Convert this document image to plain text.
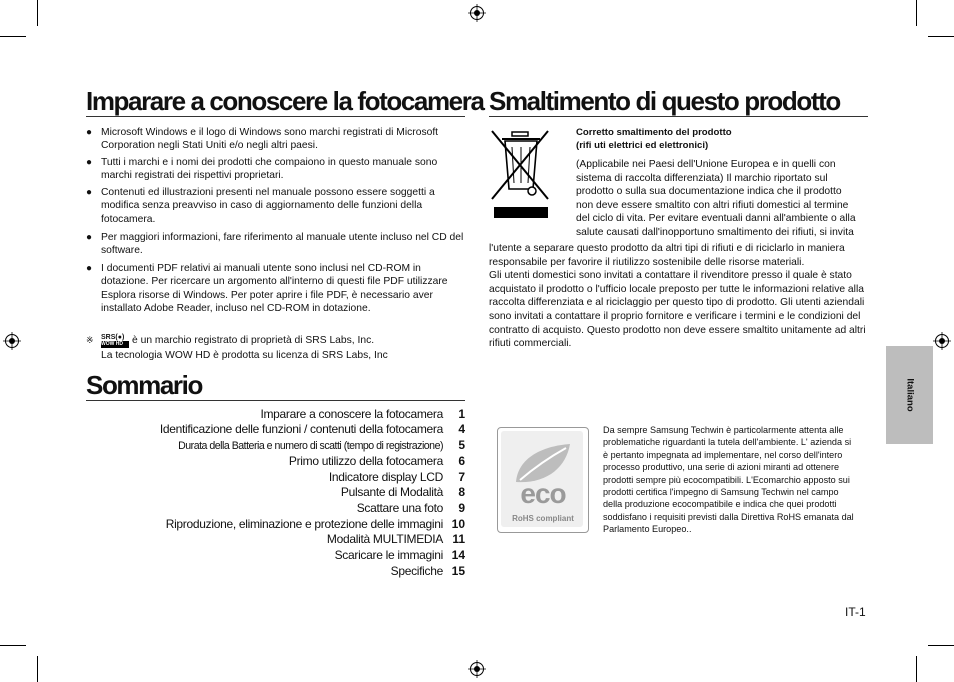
Imparare a conoscere la fotocamera
● Microsoft Windows e il logo di Windows sono marchi registrati di Microsoft Corporation negli Stati Uniti e/o negli altri paesi.
● Tutti i marchi e i nomi dei prodotti che compaiono in questo manuale sono marchi registrati dei rispettivi proprietari.
● Contenuti ed illustrazioni presenti nel manuale possono essere soggetti a modifica senza preavviso in caso di aggiornamento delle funzioni della fotocamera.
● Per maggiori informazioni, fare riferimento al manuale utente incluso nel CD del software.
● I documenti PDF relativi ai manuali utente sono inclusi nel CD-ROM in dotazione. Per ricercare un argomento all'interno di questi file PDF utilizzare Esplora risorse di Windows. Per poter aprire i file PDF, è necessario aver installato Adobe Reader, incluso nel CD-ROM in dotazione.
※ SRS(●)
WOW HD è un marchio registrato di proprietà di SRS Labs, Inc.
La tecnologia WOW HD è prodotta su licenza di SRS Labs, Inc
Sommario
Imparare a conoscere la fotocamera 1
Identificazione delle funzioni / contenuti della fotocamera 4
Durata della Batteria e numero di scatti (tempo di registrazione) 5
Primo utilizzo della fotocamera 6
Indicatore display LCD 7
Pulsante di Modalità 8
Scattare una foto 9
Riproduzione, eliminazione e protezione delle immagini 10
Modalità MULTIMEDIA 11
Scaricare le immagini 14
Specifiche 15
Smaltimento di questo prodotto
Corretto smaltimento del prodotto
(rifi uti elettrici ed elettronici)
(Applicabile nei Paesi dell'Unione Europea e in quelli con
sistema di raccolta differenziata) Il marchio riportato sul
prodotto o sulla sua documentazione indica che il prodotto
non deve essere smaltito con altri rifiuti domestici al termine
del ciclo di vita. Per evitare eventuali danni all'ambiente o alla
salute causati dall'inopportuno smaltimento dei rifiuti, si invita
l'utente a separare questo prodotto da altri tipi di rifiuti e di riciclarlo in maniera responsabile per favorire il riutilizzo sostenibile delle risorse materiali.
Gli utenti domestici sono invitati a contattare il rivenditore presso il quale è stato acquistato il prodotto o l'ufficio locale preposto per tutte le informazioni relative alla raccolta differenziata e al riciclaggio per questo tipo di prodotto. Gli utenti aziendali sono invitati a contattare il proprio fornitore e verificare i termini e le condizioni del contratto di acquisto. Questo prodotto non deve essere smaltito unitamente ad altri rifiuti commerciali.
eco
RoHS compliant
Da sempre Samsung Techwin è particolarmente attenta alle problematiche riguardanti la tutela dell'ambiente. L' azienda si è pertanto impegnata ad implementare, nel corso dell'intero processo produttivo, una serie di azioni miranti ad ottenere prodotti sempre più ecocompatibili. L'Ecomarchio apposto sui prodotti certifica l'impegno di Samsung Techwin nel campo della produzione ecocompatibile e indica che quei prodotti soddisfano i requisiti previsti dalla Direttiva RoHS emanata dal Parlamento Europeo..
Italiano
IT-1
